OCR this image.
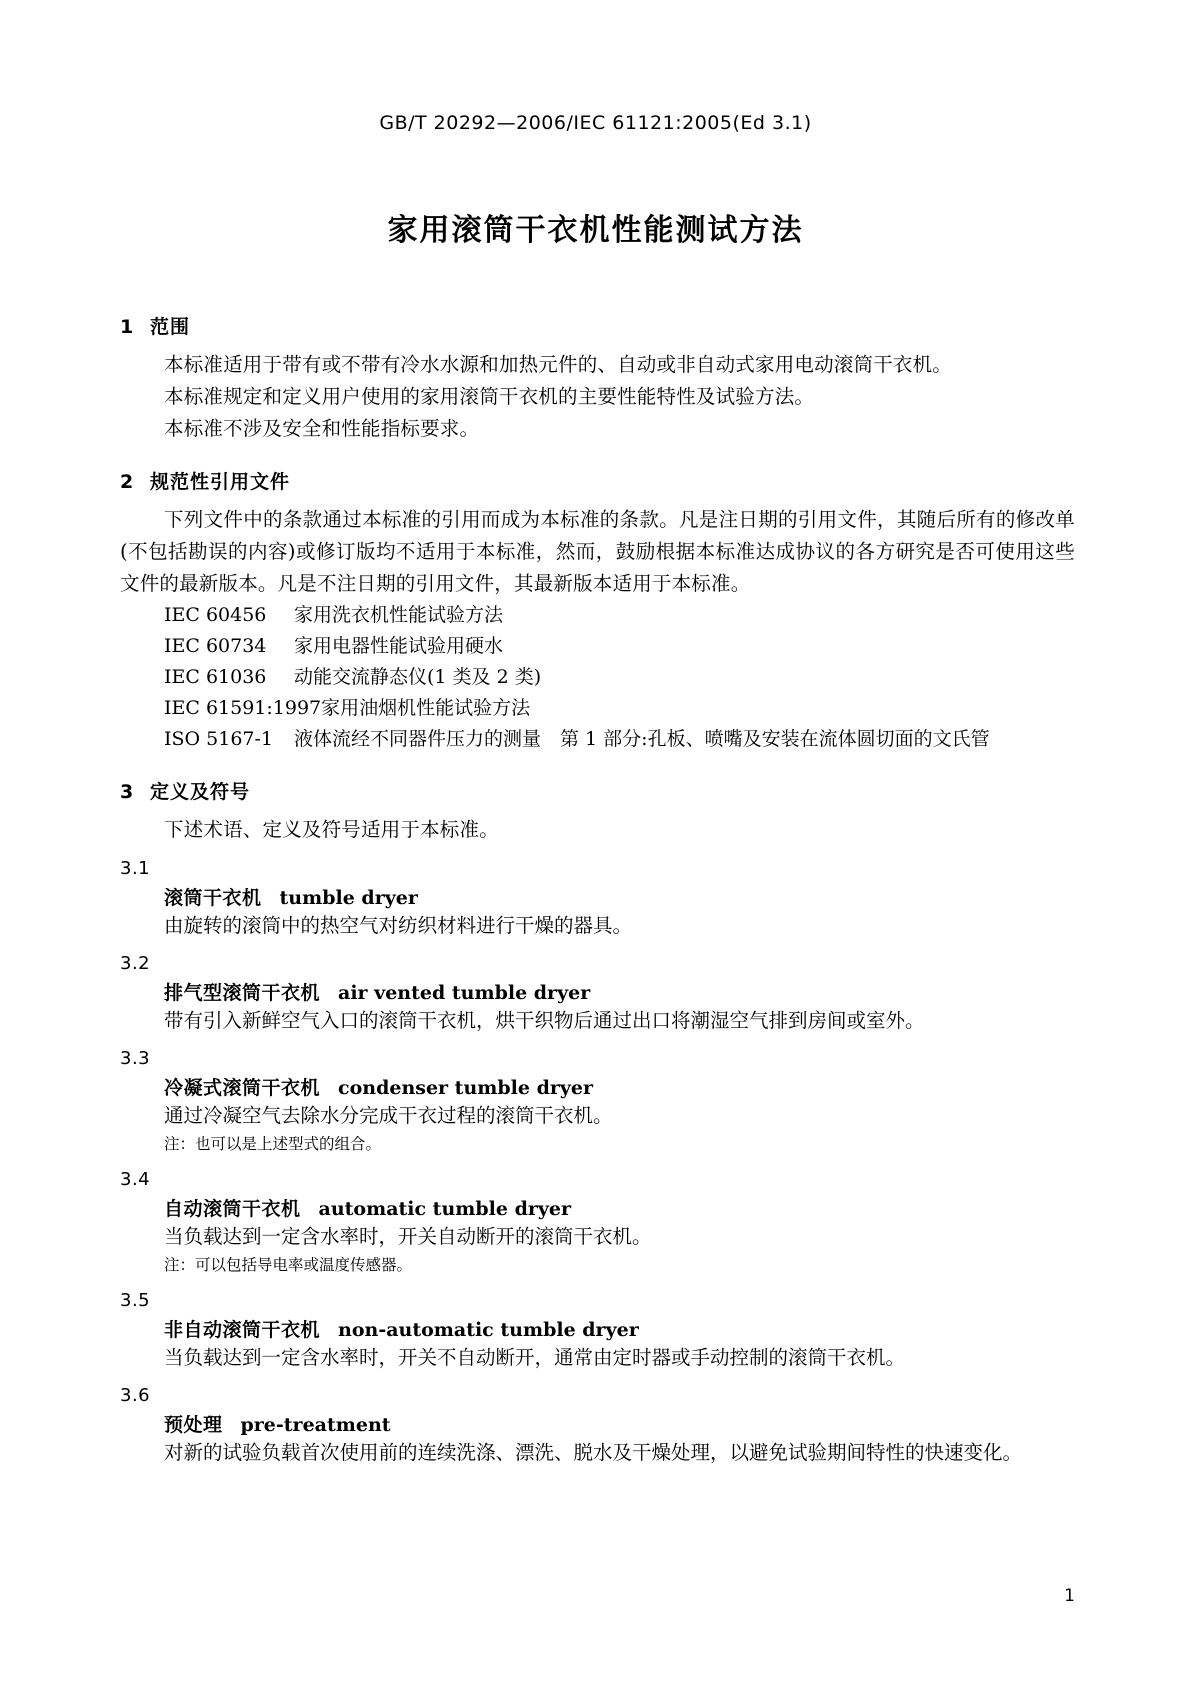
GB/T 20292—2006/IEC 61121:2005(Ed 3.1)
家用滚筒干衣机性能测试方法
1 范围

本标准适用于带有或不带有冷水水源和加热元件的、自动或非自动式家用电动滚筒干衣机。

本标准规定和定义用户使用的家用滚筒干衣机的主要性能特性及试验方法。

本标准不涉及安全和性能指标要求。

2 规范性引用文件

下列文件中的条款通过本标准的引用而成为本标准的条款。凡是注日期的引用文件，其随后所有的修改单(不包括勘误的内容)或修订版均不适用于本标准，然而，鼓励根据本标准达成协议的各方研究是否可使用这些文件的最新版本。凡是不注日期的引用文件，其最新版本适用于本标准。

IEC 60456 家用洗衣机性能试验方法
IEC 60734 家用电器性能试验用硬水
IEC 61036 动能交流静态仪(1 类及 2 类)
IEC 61591:1997家用油烟机性能试验方法
ISO 5167-1 液体流经不同器件压力的测量　第 1 部分:孔板、喷嘴及安装在流体圆切面的文氏管
3 定义及符号

下述术语、定义及符号适用于本标准。

3.1
滚筒干衣机 tumble dryer
由旋转的滚筒中的热空气对纺织材料进行干燥的器具。
3.2
排气型滚筒干衣机 air vented tumble dryer
带有引入新鲜空气入口的滚筒干衣机，烘干织物后通过出口将潮湿空气排到房间或室外。
3.3
冷凝式滚筒干衣机 condenser tumble dryer
通过冷凝空气去除水分完成干衣过程的滚筒干衣机。
注：也可以是上述型式的组合。
3.4
自动滚筒干衣机 automatic tumble dryer
当负载达到一定含水率时，开关自动断开的滚筒干衣机。
注：可以包括导电率或温度传感器。
3.5
非自动滚筒干衣机 non-automatic tumble dryer
当负载达到一定含水率时，开关不自动断开，通常由定时器或手动控制的滚筒干衣机。
3.6
预处理 pre-treatment
对新的试验负载首次使用前的连续洗涤、漂洗、脱水及干燥处理，以避免试验期间特性的快速变化。
1
